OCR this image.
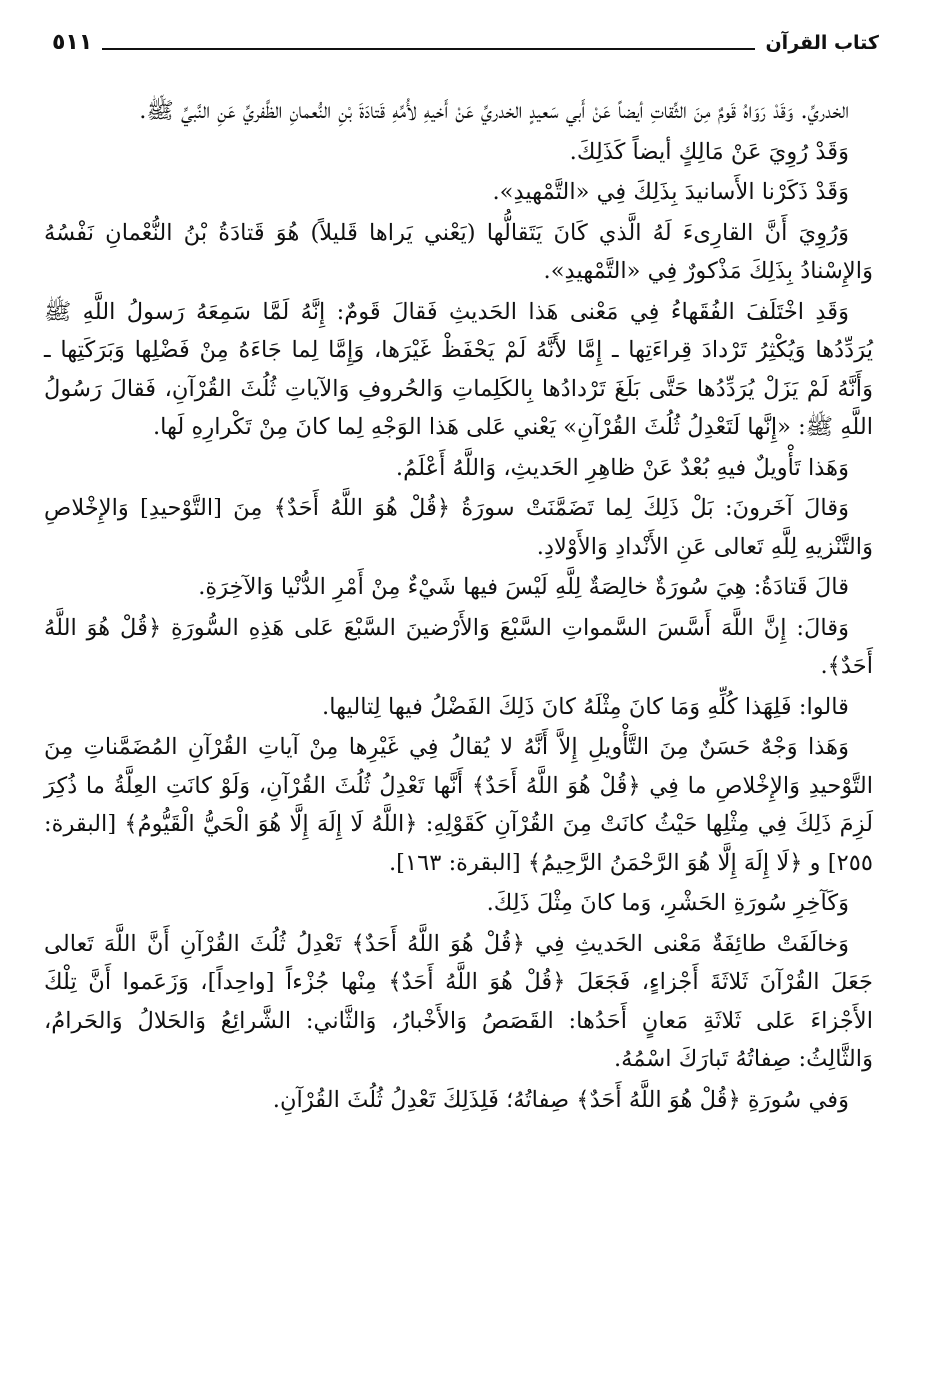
كتاب القرآن
٥١١

الخدريِّ. وَقَدْ رَوَاهُ قَومٌ مِنَ الثِّقاتِ أيضاً عَنْ أَبي سَعيدٍ الخدريِّ عَنْ أَخيهِ لأُمِّهِ قَتادَةَ بْنِ النُّعمانِ الظَّفريِّ عَنِ النَّبيِّ ﷺ.

وَقَدْ رُوِيَ عَنْ مَالِكٍ أيضاً كَذَلِكَ.

وَقَدْ ذَكَرْنا الأَسانيدَ بِذَلِكَ فِي «التَّمْهيدِ».

وَرُوِيَ أَنَّ القارِىءَ لَهُ الَّذي كَانَ يَتَقالُّها (يَعْني يَراها قَليلاً) هُوَ قَتادَةُ بْنُ النُّعْمانِ نَفْسُهُ وَالإِسْنادُ بِذَلِكَ مَذْكورٌ فِي «التَّمْهيدِ».

وَقَدِ اخْتَلَفَ الفُقَهاءُ فِي مَعْنى هَذا الحَديثِ فَقالَ قَومٌ: إِنَّهُ لَمَّا سَمِعَهُ رَسولُ اللَّهِ ﷺ يُرَدِّدُها وَيُكْثِرُ تَرْدادَ قِراءَتِها ـ إِمَّا لأَنَّهُ لَمْ يَحْفَظْ غَيْرَها، وَإِمَّا لِما جَاءَهُ مِنْ فَضْلِها وَبَرَكَتِها ـ وَأَنَّهُ لَمْ يَزَلْ يُرَدِّدُها حَتَّى بَلَغَ تَرْدادُها بِالكَلِماتِ وَالحُروفِ وَالآياتِ ثُلُثَ القُرْآنِ، فَقالَ رَسُولُ اللَّهِ ﷺ: «إِنَّها لَتَعْدِلُ ثُلُثَ القُرْآنِ» يَعْني عَلى هَذا الوَجْهِ لِما كانَ مِنْ تَكْرارِهِ لَها.

وَهَذا تَأْويلٌ فيهِ بُعْدٌ عَنْ ظاهِرِ الحَديثِ، وَاللَّهُ أَعْلَمُ.

وَقالَ آخَرونَ: بَلْ ذَلِكَ لِما تَضَمَّنَتْ سورَةُ ﴿قُلْ هُوَ اللَّهُ أَحَدٌ﴾ مِنَ [التَّوْحيدِ] وَالإِخْلاصِ وَالتَّنْزيهِ لِلَّهِ تَعالى عَنِ الأَنْدادِ وَالأَوْلادِ.

قالَ قَتادَةُ: هِيَ سُورَةٌ خالِصَةٌ لِلَّهِ لَيْسَ فيها شَيْءٌ مِنْ أَمْرِ الدُّنْيا وَالآخِرَةِ.

وَقالَ: إِنَّ اللَّهَ أَسَّسَ السَّمواتِ السَّبْعَ وَالأَرْضينَ السَّبْعَ عَلى هَذِهِ السُّورَةِ ﴿قُلْ هُوَ اللَّهُ أَحَدٌ﴾.

قالوا: فَلِهَذا كُلِّهِ وَمَا كانَ مِثْلَهُ كانَ ذَلِكَ الفَضْلُ فيها لِتاليها.

وَهَذا وَجْهٌ حَسَنٌ مِنَ التَّأْويلِ إِلاَّ أَنَّهُ لا يُقالُ فِي غَيْرِها مِنْ آياتِ القُرْآنِ المُضَمَّناتِ مِنَ التَّوْحيدِ وَالإِخْلاصِ ما فِي ﴿قُلْ هُوَ اللَّهُ أَحَدٌ﴾ أَنَّها تَعْدِلُ ثُلُثَ القُرْآنِ، وَلَوْ كانَتِ العِلَّةُ ما ذُكِرَ لَزِمَ ذَلِكَ فِي مِثْلِها حَيْثُ كانَتْ مِنَ القُرْآنِ كَقَوْلِهِ: ﴿اللَّهُ لَا إِلَهَ إِلَّا هُوَ الْحَيُّ الْقَيُّومُ﴾ [البقرة: ٢٥٥] و ﴿لَا إِلَهَ إِلَّا هُوَ الرَّحْمَنُ الرَّحِيمُ﴾ [البقرة: ١٦٣].

وَكَآخِرِ سُورَةِ الحَشْرِ، وَما كانَ مِثْلَ ذَلِكَ.

وَخالَفَتْ طائِفَةٌ مَعْنى الحَديثِ فِي ﴿قُلْ هُوَ اللَّهُ أَحَدٌ﴾ تَعْدِلُ ثُلُثَ القُرْآنِ أَنَّ اللَّهَ تَعالى جَعَلَ القُرْآنَ ثَلاثَةَ أَجْزاءٍ، فَجَعَلَ ﴿قُلْ هُوَ اللَّهُ أَحَدٌ﴾ مِنْها جُزْءاً [واحِداً]، وَزَعَموا أَنَّ تِلْكَ الأَجْزاءَ عَلى ثَلاثَةِ مَعانٍ أَحَدُها: القَصَصُ وَالأَخْبارُ، وَالثَّاني: الشَّرائِعُ وَالحَلالُ وَالحَرامُ، وَالثَّالِثُ: صِفاتُهُ تَبارَكَ اسْمُهُ.

وَفي سُورَةِ ﴿قُلْ هُوَ اللَّهُ أَحَدٌ﴾ صِفاتُهُ؛ فَلِذَلِكَ تَعْدِلُ ثُلُثَ القُرْآنِ.
